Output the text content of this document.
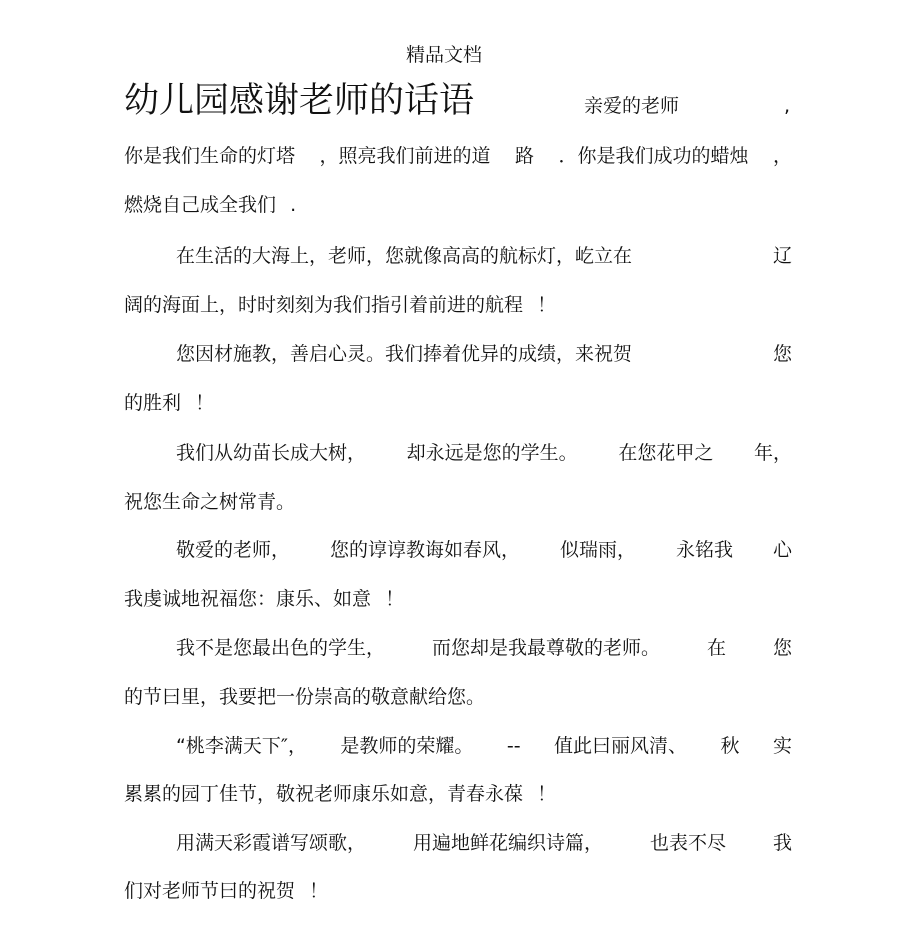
精品文档
幼儿园感谢老师的话语	亲爱的老师	,
你是我们生命的灯塔 ，照亮我们前进的道 路 ．你是我们成功的蜡烛 ，
燃烧自己成全我们 .
在生活的大海上，老师，您就像高高的航标灯，屹立在	辽
阔的海面上，时时刻刻为我们指引着前进的航程 ！
您因材施教，善启心灵。我们捧着优异的成绩，来祝贺	您
的胜利 ！
我们从幼苗长成大树， 却永远是您的学生。 在您花甲之 年，
祝您生命之树常青。
敬爱的老师， 您的谆谆教诲如春风， 似瑞雨， 永铭我 心
我虔诚地祝福您：康乐、如意 ！
我不是您最出色的学生， 而您却是我最尊敬的老师。 在 您
的节曰里，我要把一份崇高的敬意献给您。
“桃李满天下″， 是教师的荣耀。 -- 值此曰丽风清、 秋 实
累累的园丁佳节，敬祝老师康乐如意，青春永葆 ！
用满天彩霞谱写颂歌， 用遍地鲜花编织诗篇， 也表不尽 我
们对老师节曰的祝贺 ！
